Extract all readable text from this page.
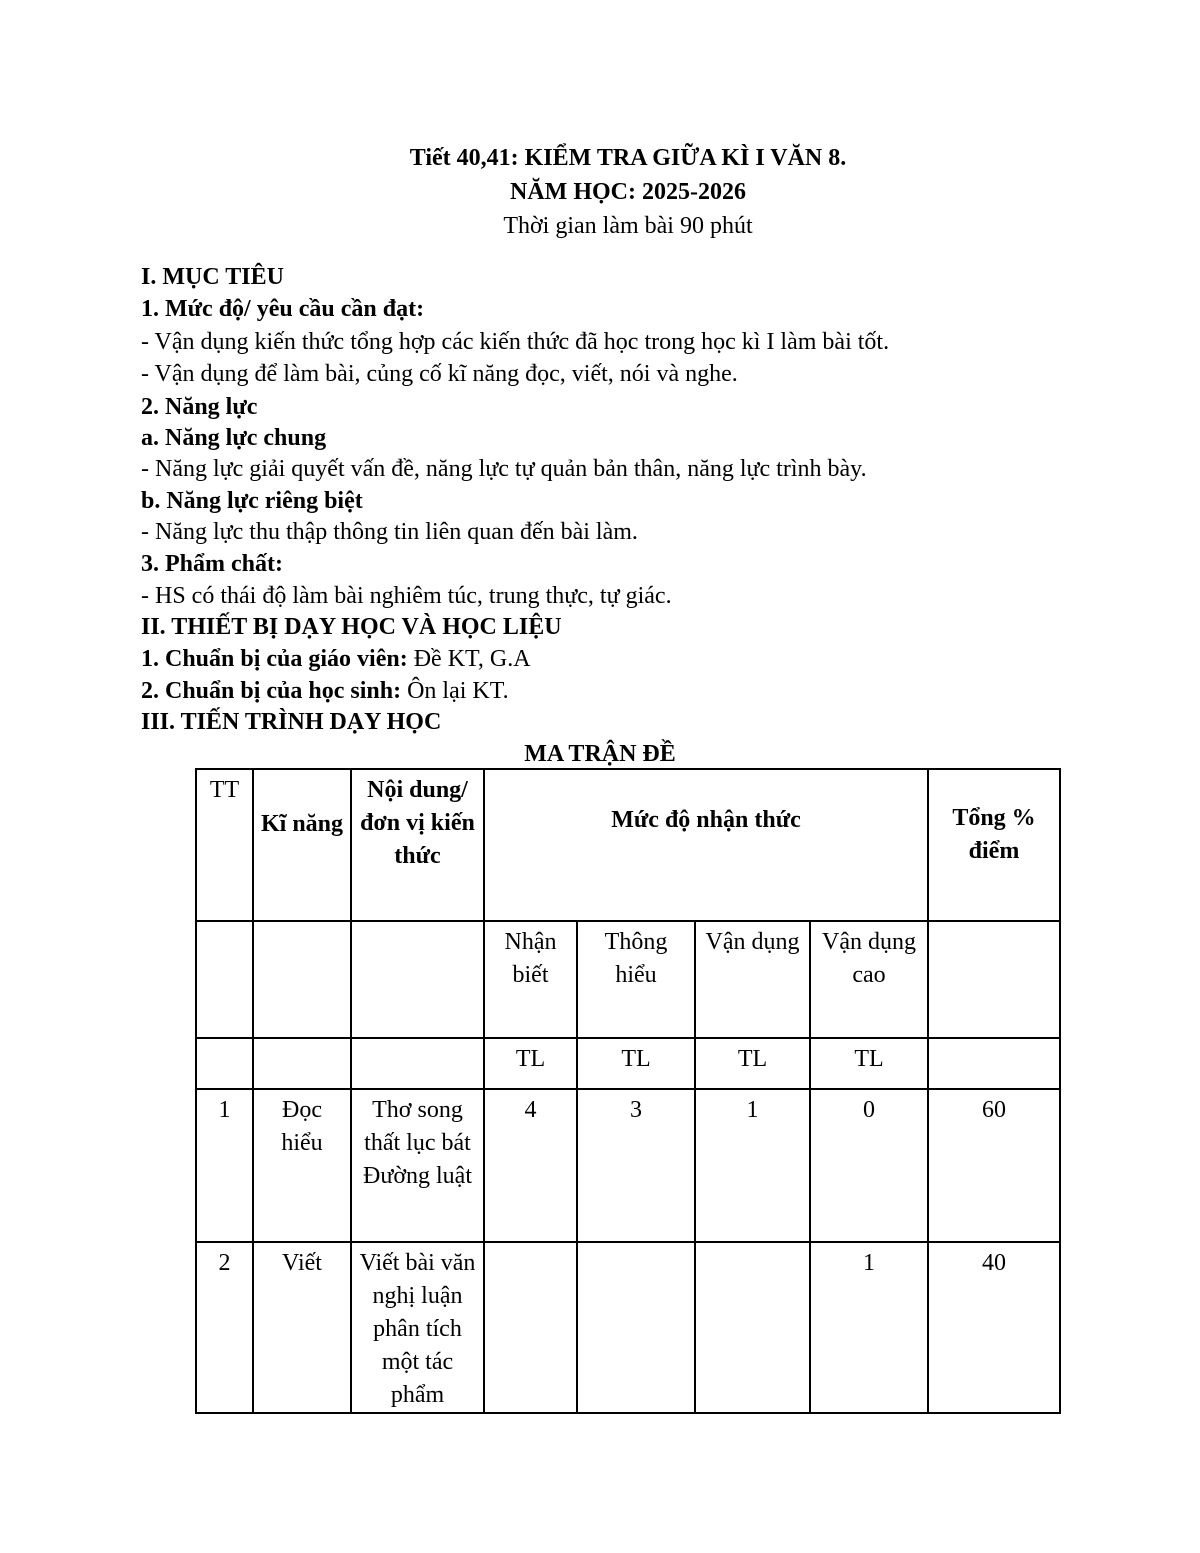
Tiết 40,41: KIỂM TRA GIỮA KÌ I VĂN 8.
NĂM HỌC: 2025-2026
Thời gian làm bài 90 phút
I. MỤC TIÊU
1. Mức độ/ yêu cầu cần đạt:
- Vận dụng kiến thức tổng hợp các kiến thức đã học trong học kì I làm bài tốt.
- Vận dụng để làm bài, củng cố kĩ năng đọc, viết, nói và nghe.
2. Năng lực
a. Năng lực chung
- Năng lực giải quyết vấn đề, năng lực tự quản bản thân, năng lực trình bày.
b. Năng lực riêng biệt
- Năng lực thu thập thông tin liên quan đến bài làm.
3. Phẩm chất:
- HS có thái độ làm bài nghiêm túc, trung thực, tự giác.
II. THIẾT BỊ DẠY HỌC VÀ HỌC LIỆU
1. Chuẩn bị của giáo viên: Đề KT, G.A
2. Chuẩn bị của học sinh: Ôn lại KT.
III. TIẾN TRÌNH DẠY HỌC
MA TRẬN ĐỀ
TT	Kĩ năng	Nội dung/đơn vị kiến thức	Mức độ nhận thức				Tổng % điểm
			Nhận biết	Thông hiểu	Vận dụng	Vận dụng cao	
			TL	TL	TL	TL	
1	Đọc hiểu	Thơ song thất lục bát Đường luật	4	3	1	0	60
2	Viết	Viết bài văn nghị luận phân tích một tác phẩm				1	40
